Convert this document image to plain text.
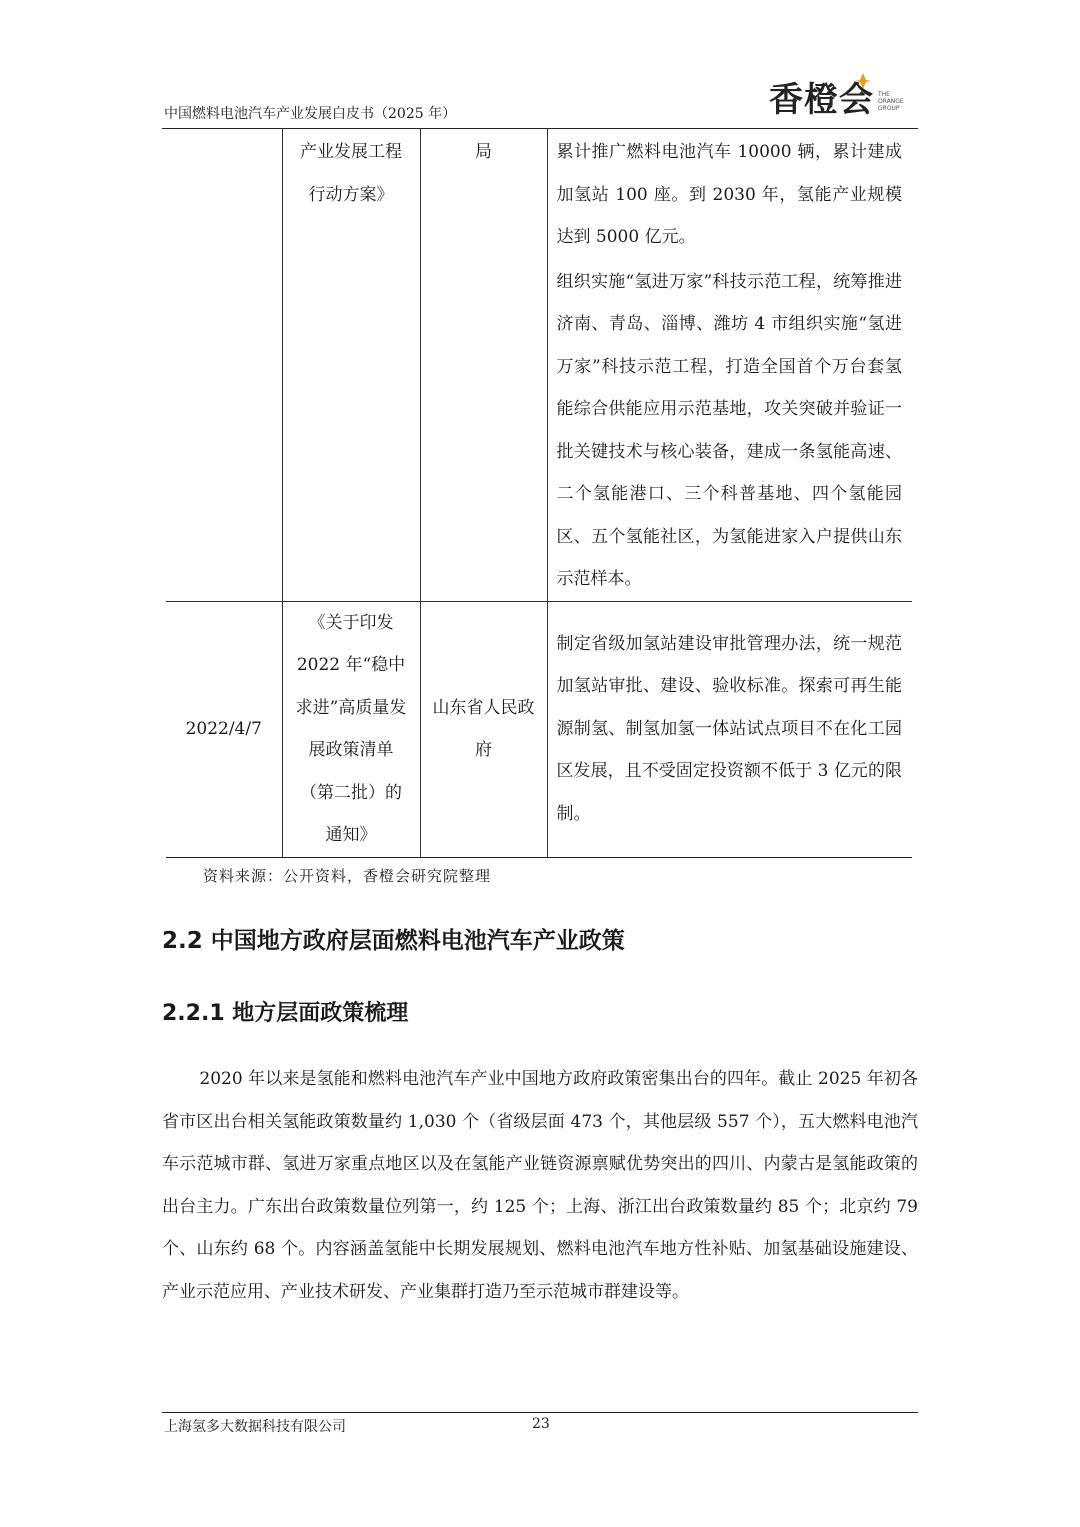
中国燃料电池汽车产业发展白皮书（2025 年）	香橙会 THE ORANGE GROUP

	产业发展工程行动方案》	局	累计推广燃料电池汽车 10000 辆，累计建成加氢站 100 座。到 2030 年，氢能产业规模达到 5000 亿元。
组织实施“氢进万家”科技示范工程，统筹推进济南、青岛、淄博、潍坊 4 市组织实施“氢进万家”科技示范工程，打造全国首个万台套氢能综合供能应用示范基地，攻关突破并验证一批关键技术与核心装备，建成一条氢能高速、二个氢能港口、三个科普基地、四个氢能园区、五个氢能社区，为氢能进家入户提供山东示范样本。

2022/4/7	《关于印发 2022 年“稳中求进”高质量发展政策清单（第二批）的通知》	山东省人民政府	制定省级加氢站建设审批管理办法，统一规范加氢站审批、建设、验收标准。探索可再生能源制氢、制氢加氢一体站试点项目不在化工园区发展，且不受固定投资额不低于 3 亿元的限制。
资料来源：公开资料，香橙会研究院整理
2.2 中国地方政府层面燃料电池汽车产业政策
2.2.1 地方层面政策梳理

2020 年以来是氢能和燃料电池汽车产业中国地方政府政策密集出台的四年。截止 2025 年初各省市区出台相关氢能政策数量约 1,030 个（省级层面 473 个，其他层级 557 个），五大燃料电池汽车示范城市群、氢进万家重点地区以及在氢能产业链资源禀赋优势突出的四川、内蒙古是氢能政策的出台主力。广东出台政策数量位列第一，约 125 个；上海、浙江出台政策数量约 85 个；北京约 79 个、山东约 68 个。内容涵盖氢能中长期发展规划、燃料电池汽车地方性补贴、加氢基础设施建设、产业示范应用、产业技术研发、产业集群打造乃至示范城市群建设等。

上海氢多大数据科技有限公司	23
